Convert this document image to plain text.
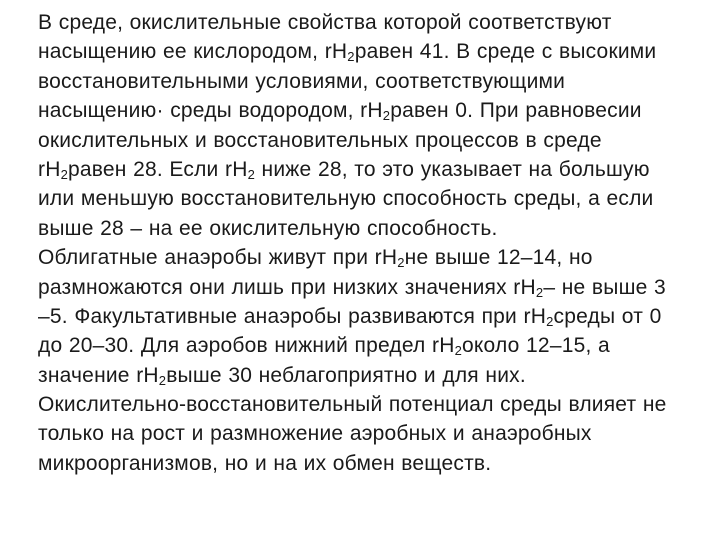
В среде, окислительные свойства которой соответствуют
насыщению ее кислородом, $rH_2равен$ 41. В среде с высокими
восстановительными условиями, соответствующими
насыщению· среды водородом, $rH_2равен$ 0. При равновесии
окислительных и восстановительных процессов в среде
$rH_2равен$ 28. Если $rH_2$ ниже 28, то это указывает на большую
или меньшую восстановительную способность среды, а если
выше 28 – на ее окислительную способность.
Облигатные анаэробы живут при $rH_2не$ выше 12–14, но
размножаются они лишь при низких значениях $rH_2-$ не выше 3
–5. Факультативные анаэробы развиваются при $rH_2среды$ от 0
до 20–30. Для аэробов нижний предел $rH_2около$ 12–15, а
значение $rH_2выше$ 30 неблагоприятно и для них.
Окислительно-восстановительный потенциал среды влияет не
только на рост и размножение аэробных и анаэробных
микроорганизмов, но и на их обмен веществ.
